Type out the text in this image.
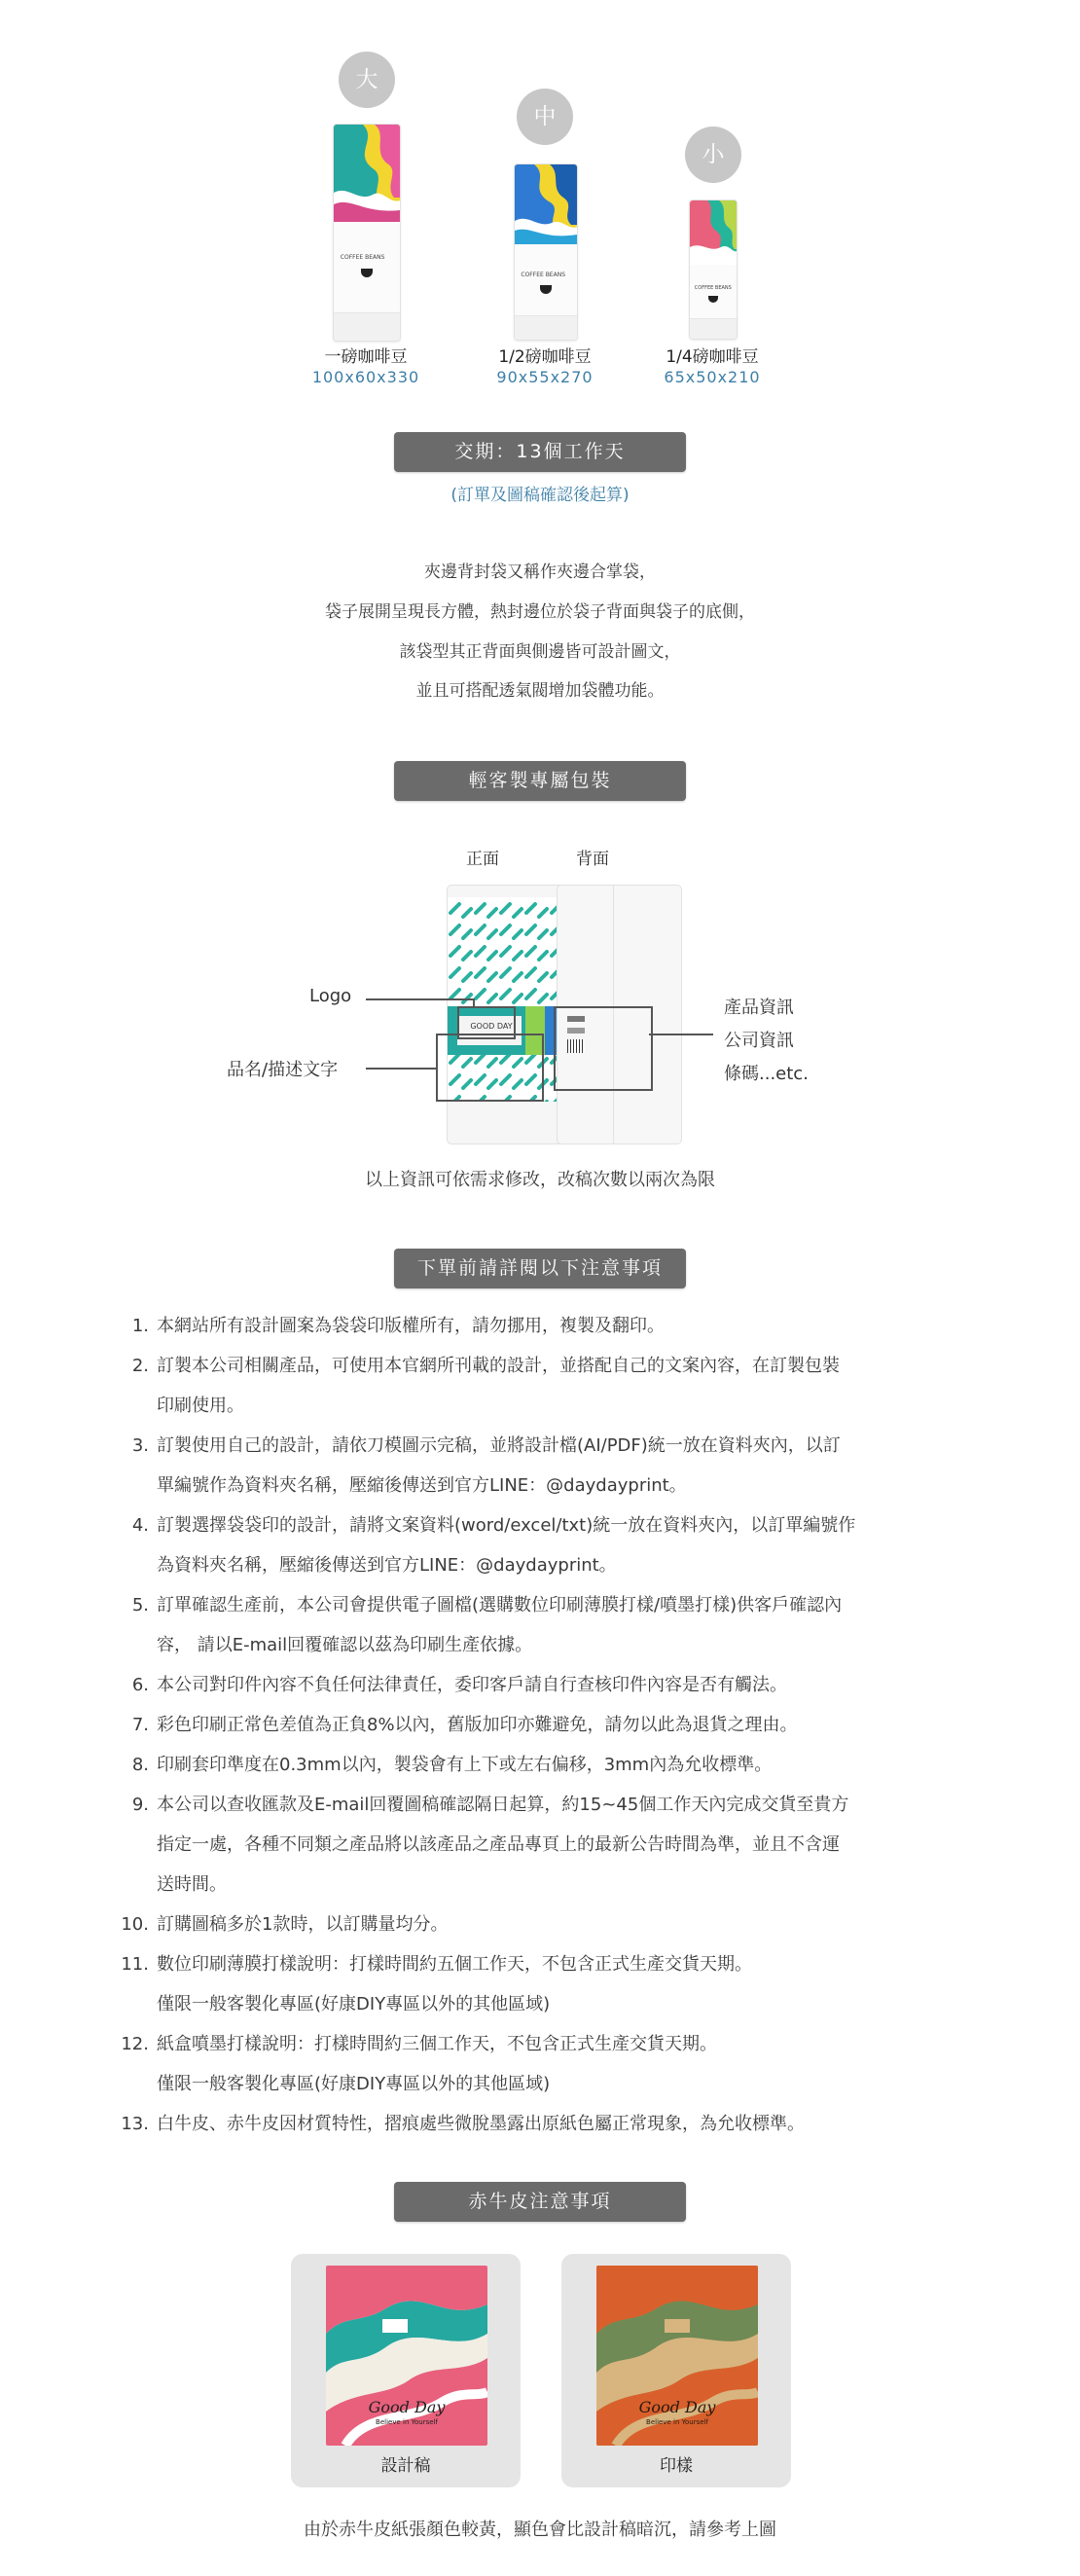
大
COFFEE BEANS
一磅咖啡豆
100x60x330
中
COFFEE BEANS
1/2磅咖啡豆
90x55x270
小
COFFEE BEANS
1/4磅咖啡豆
65x50x210
交期：13個工作天
(訂單及圖稿確認後起算)
夾邊背封袋又稱作夾邊合掌袋，
袋子展開呈現長方體，熱封邊位於袋子背面與袋子的底側，
該袋型其正背面與側邊皆可設計圖文，
並且可搭配透氣閥增加袋體功能。
輕客製專屬包裝
正面	背面
GOOD DAY
Logo
品名/描述文字
產品資訊
公司資訊
條碼...etc.
以上資訊可依需求修改，改稿次數以兩次為限
下單前請詳閱以下注意事項
1. 本網站所有設計圖案為袋袋印版權所有，請勿挪用，複製及翻印。
2. 訂製本公司相關產品，可使用本官網所刊載的設計，並搭配自己的文案內容，在訂製包裝
印刷使用。
3. 訂製使用自己的設計，請依刀模圖示完稿，並將設計檔(AI/PDF)統一放在資料夾內，以訂
單編號作為資料夾名稱，壓縮後傳送到官方LINE：@daydayprint。
4. 訂製選擇袋袋印的設計，請將文案資料(word/excel/txt)統一放在資料夾內，以訂單編號作
為資料夾名稱，壓縮後傳送到官方LINE：@daydayprint。
5. 訂單確認生產前，本公司會提供電子圖檔(選購數位印刷薄膜打樣/噴墨打樣)供客戶確認內
容， 請以E-mail回覆確認以茲為印刷生產依據。
6. 本公司對印件內容不負任何法律責任，委印客戶請自行查核印件內容是否有觸法。
7. 彩色印刷正常色差值為正負8%以內，舊版加印亦難避免，請勿以此為退貨之理由。
8. 印刷套印準度在0.3mm以內，製袋會有上下或左右偏移，3mm內為允收標準。
9. 本公司以查收匯款及E-mail回覆圖稿確認隔日起算，約15~45個工作天內完成交貨至貴方
指定一處，各種不同類之產品將以該產品之產品專頁上的最新公告時間為準，並且不含運
送時間。
10. 訂購圖稿多於1款時，以訂購量均分。
11. 數位印刷薄膜打樣說明：打樣時間約五個工作天，不包含正式生產交貨天期。
僅限一般客製化專區(好康DIY專區以外的其他區域)
12. 紙盒噴墨打樣說明：打樣時間約三個工作天，不包含正式生產交貨天期。
僅限一般客製化專區(好康DIY專區以外的其他區域)
13. 白牛皮、赤牛皮因材質特性，摺痕處些微脫墨露出原紙色屬正常現象，為允收標準。
赤牛皮注意事項
Good Day
Believe in Yourself
設計稿
Good Day
Believe in Yourself
印樣
由於赤牛皮紙張顏色較黃，顯色會比設計稿暗沉，請參考上圖
